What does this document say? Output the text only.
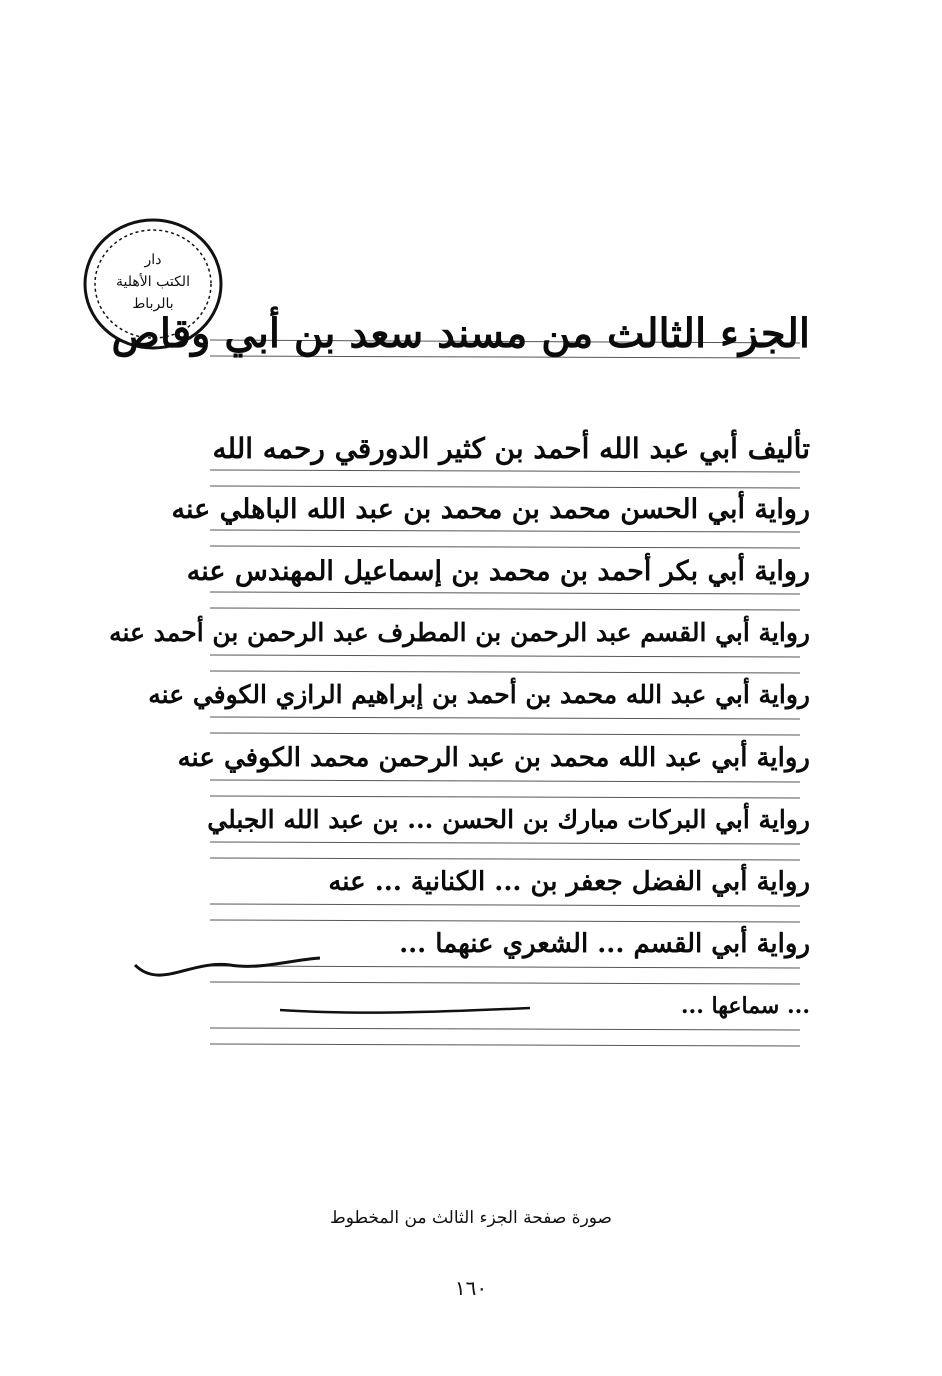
دار
الكتب الأهلية
بالرباط
الجزء الثالث من مسند سعد بن أبي وقاص
تأليف أبي عبد الله أحمد بن كثير الدورقي رحمه الله
رواية أبي الحسن محمد بن محمد بن عبد الله الباهلي عنه
رواية أبي بكر أحمد بن محمد بن إسماعيل المهندس عنه
رواية أبي القسم عبد الرحمن بن المطرف عبد الرحمن بن أحمد عنه
رواية أبي عبد الله محمد بن أحمد بن إبراهيم الرازي الكوفي عنه
رواية أبي عبد الله محمد بن عبد الرحمن محمد الكوفي عنه
رواية أبي البركات مبارك بن الحسن ... بن عبد الله الجبلي
رواية أبي الفضل جعفر بن ... الكنانية ... عنه
رواية أبي القسم ... الشعري عنهما ...
... سماعها ...
صورة صفحة الجزء الثالث من المخطوط
١٦٠
